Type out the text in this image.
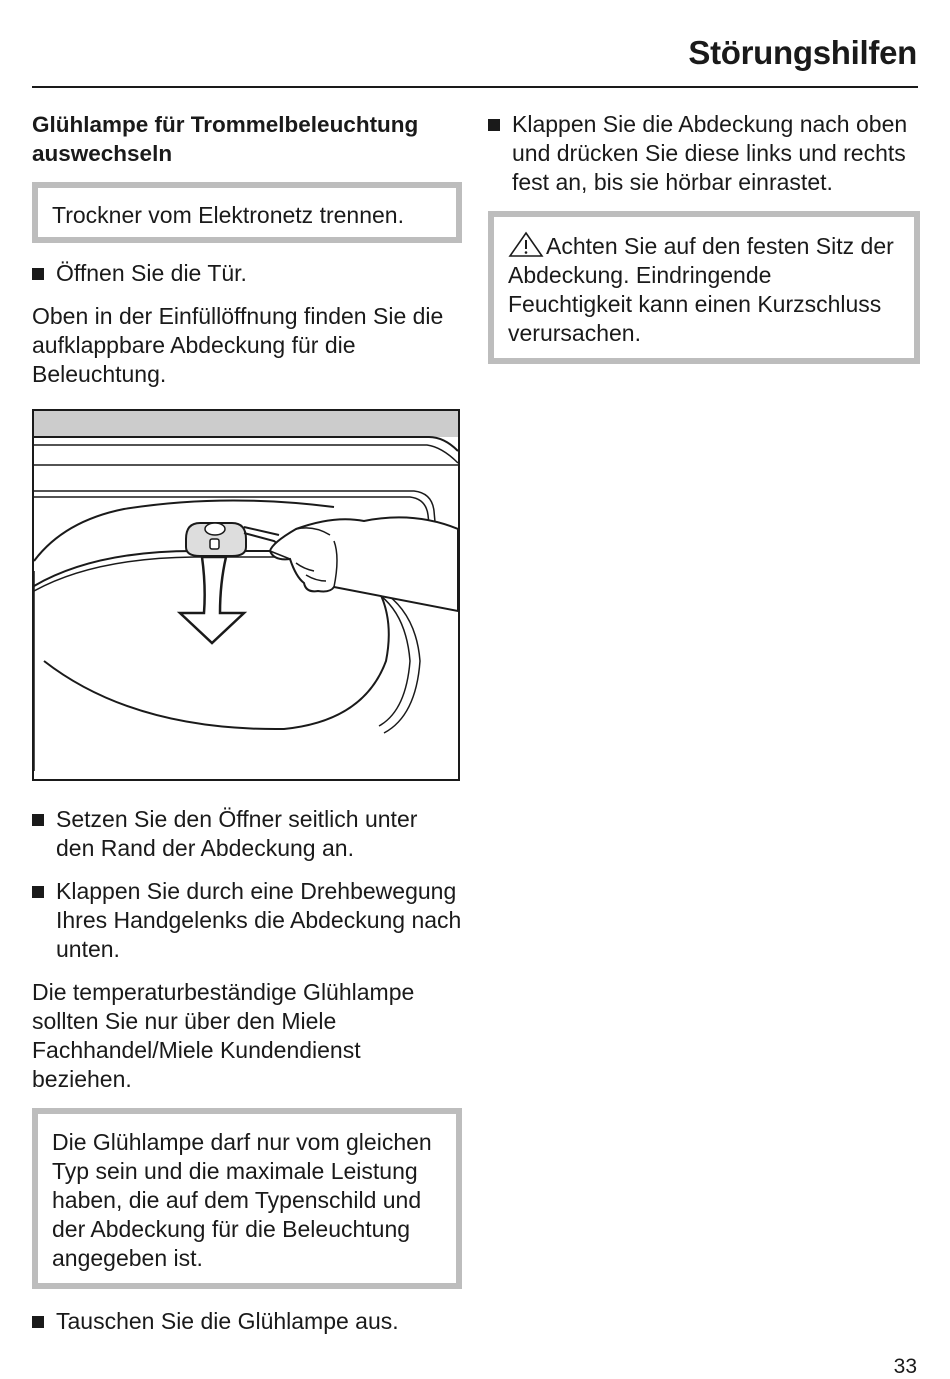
Störungshilfen
Glühlampe für Trommelbeleuchtung
auswechseln
Trockner vom Elektronetz trennen.
Öffnen Sie die Tür.

Oben in der Einfüllöffnung finden Sie die aufklappbare Abdeckung für die Beleuchtung.

Setzen Sie den Öffner seitlich unter den Rand der Abdeckung an.
Klappen Sie durch eine Drehbewegung Ihres Handgelenks die Abdeckung nach unten.

Die temperaturbeständige Glühlampe sollten Sie nur über den Miele Fachhandel/Miele Kundendienst beziehen.

Die Glühlampe darf nur vom gleichen Typ sein und die maximale Leistung haben, die auf dem Typenschild und der Abdeckung für die Beleuchtung angegeben ist.
Tauschen Sie die Glühlampe aus.
Klappen Sie die Abdeckung nach oben und drücken Sie diese links und rechts fest an, bis sie hörbar einrastet.
Achten Sie auf den festen Sitz der Abdeckung. Eindringende Feuchtigkeit kann einen Kurzschluss verursachen.
33
